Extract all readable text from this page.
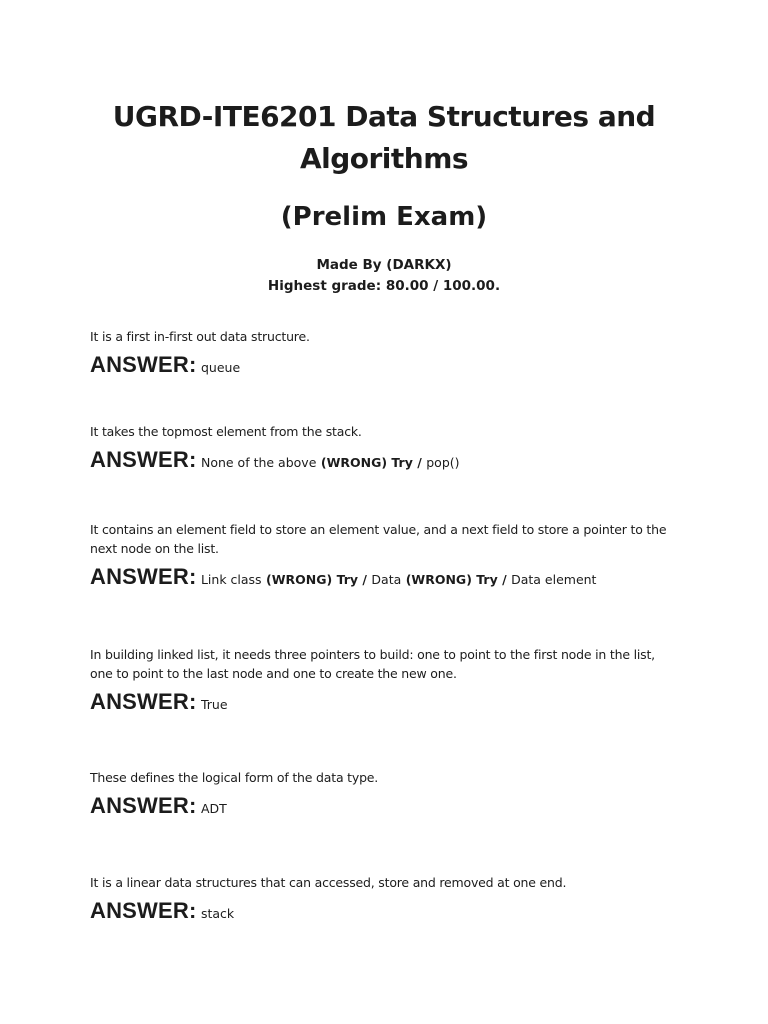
UGRD-ITE6201 Data Structures and Algorithms
(Prelim Exam)
Made By (DARKX)
Highest grade: 80.00 / 100.00.
It is a first in-first out data structure.
ANSWER: queue
It takes the topmost element from the stack.
ANSWER: None of the above (WRONG) Try / pop()
It contains an element field to store an element value, and a next field to store a pointer to the next node on the list.
ANSWER: Link class (WRONG) Try / Data (WRONG) Try / Data element
In building linked list, it needs three pointers to build: one to point to the first node in the list, one to point to the last node and one to create the new one.
ANSWER: True
These defines the logical form of the data type.
ANSWER: ADT
It is a linear data structures that can accessed, store and removed at one end.
ANSWER: stack
